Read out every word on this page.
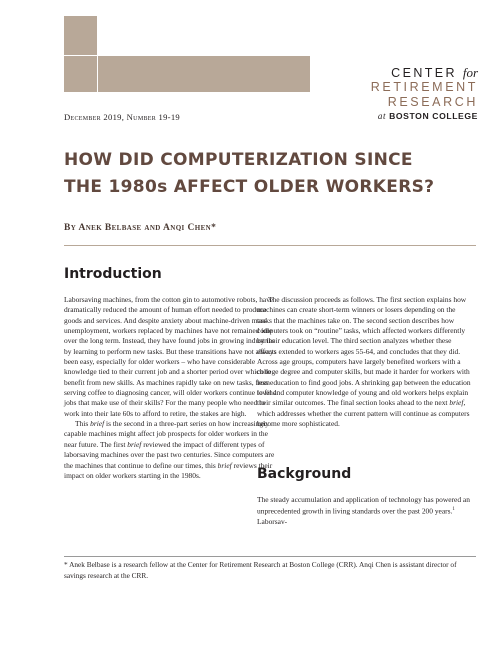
CENTER for
RETIREMENT
RESEARCH
at BOSTON COLLEGE
December 2019, Number 19-19
HOW DID COMPUTERIZATION SINCE THE 1980s AFFECT OLDER WORKERS?
By Anek Belbase and Anqi Chen*
Introduction

Laborsaving machines, from the cotton gin to automotive robots, have dramatically reduced the amount of human effort needed to produce goods and services. And despite anxiety about machine-driven mass unemployment, workers replaced by machines have not remained idle over the long term. Instead, they have found jobs in growing industries by learning to perform new tasks. But these transitions have not always been easy, especially for older workers – who have considerable knowledge tied to their current job and a shorter period over which to benefit from new skills. As machines rapidly take on new tasks, from serving coffee to diagnosing cancer, will older workers continue to find jobs that make use of their skills? For the many people who need to work into their late 60s to afford to retire, the stakes are high.

This brief is the second in a three-part series on how increasingly capable machines might affect job prospects for older workers in the near future. The first brief reviewed the impact of different types of laborsaving machines over the past two centuries. Since computers are the machines that continue to define our times, this brief reviews their impact on older workers starting in the 1980s.

The discussion proceeds as follows. The first section explains how machines can create short-term winners or losers depending on the tasks that the machines take on. The second section describes how computers took on “routine” tasks, which affected workers differently by their education level. The third section analyzes whether these effects extended to workers ages 55-64, and concludes that they did. Across age groups, computers have largely benefited workers with a college degree and computer skills, but made it harder for workers with less education to find good jobs. A shrinking gap between the education level and computer knowledge of young and old workers helps explain their similar outcomes. The final section looks ahead to the next brief, which addresses whether the current pattern will continue as computers become more sophisticated.

Background

The steady accumulation and application of technology has powered an unprecedented growth in living standards over the past 200 years.$^1$ Laborsav-

* Anek Belbase is a research fellow at the Center for Retirement Research at Boston College (CRR). Anqi Chen is assistant director of savings research at the CRR.
